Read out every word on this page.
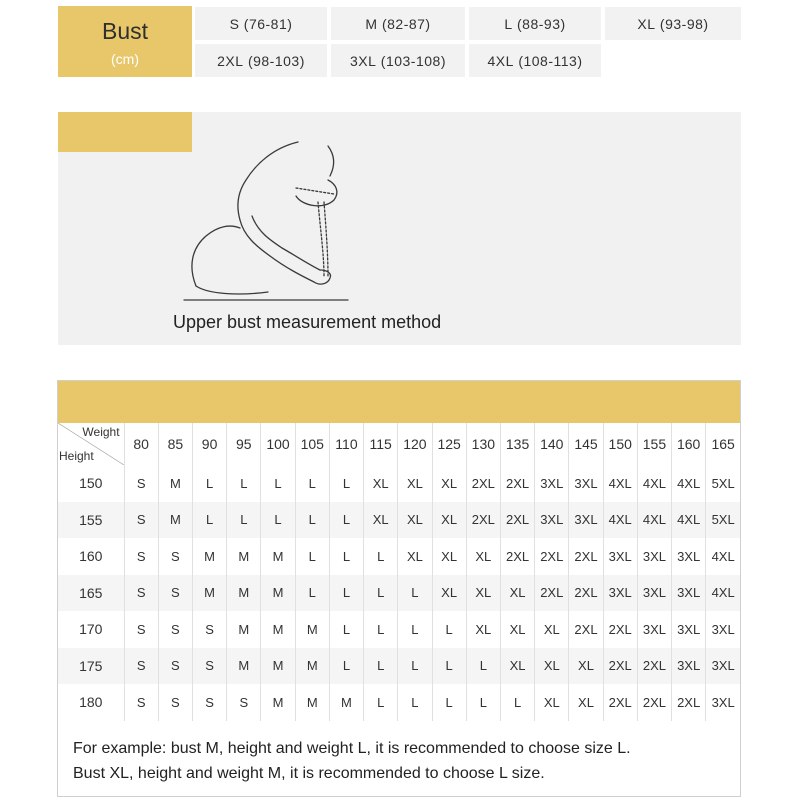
Bust
(cm)
S (76-81)	M (82-87)	L (88-93)	XL (93-98)
2XL (98-103)	3XL (103-108)	4XL (108-113)
Upper bust measurement method
Weight
Height	80	85	90	95	100	105	110	115	120	125	130	135	140	145	150	155	160	165
150	S	M	L	L	L	L	L	XL	XL	XL	2XL	2XL	3XL	3XL	4XL	4XL	4XL	5XL
155	S	M	L	L	L	L	L	XL	XL	XL	2XL	2XL	3XL	3XL	4XL	4XL	4XL	5XL
160	S	S	M	M	M	L	L	L	XL	XL	XL	2XL	2XL	2XL	3XL	3XL	3XL	4XL
165	S	S	M	M	M	L	L	L	L	XL	XL	XL	2XL	2XL	3XL	3XL	3XL	4XL
170	S	S	S	M	M	M	L	L	L	L	XL	XL	XL	2XL	2XL	3XL	3XL	3XL
175	S	S	S	M	M	M	L	L	L	L	L	XL	XL	XL	2XL	2XL	3XL	3XL
180	S	S	S	S	M	M	M	L	L	L	L	L	XL	XL	2XL	2XL	2XL	3XL
For example: bust M, height and weight L, it is recommended to choose size L.
Bust XL, height and weight M, it is recommended to choose L size.
